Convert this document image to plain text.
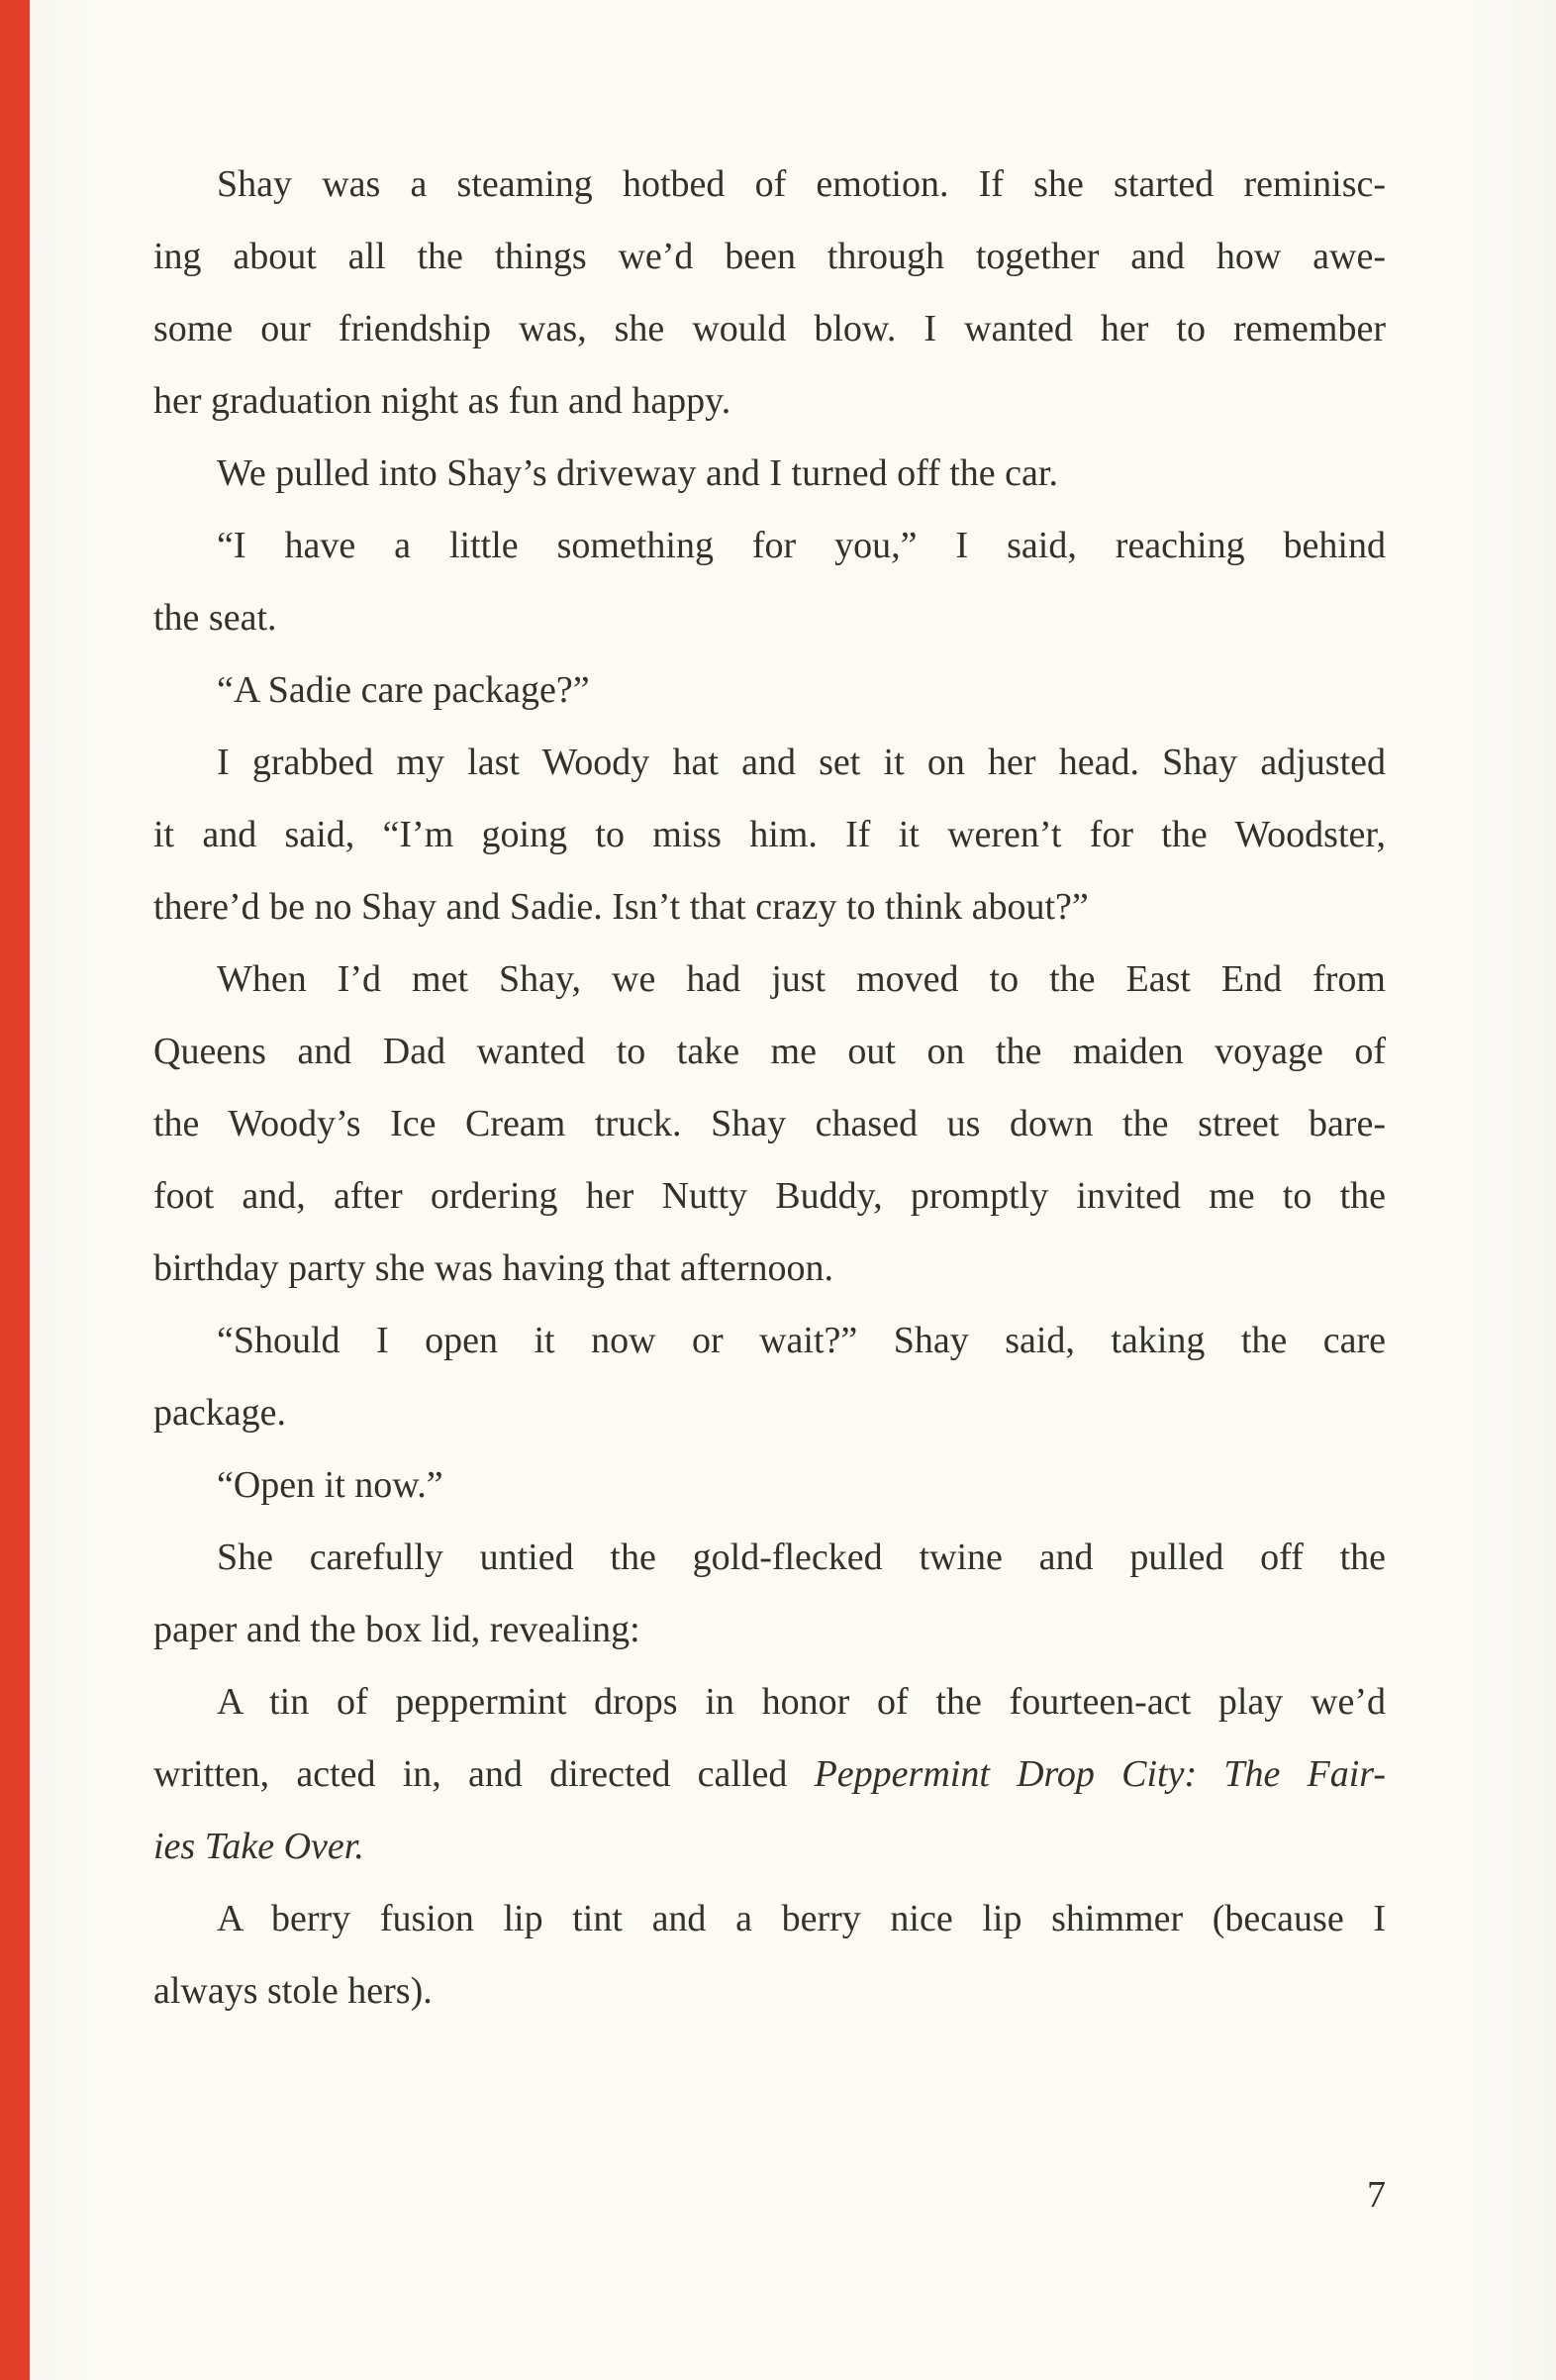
Shay was a steaming hotbed of emotion. If she started reminisc-
ing about all the things we’d been through together and how awe-
some our friendship was, she would blow. I wanted her to remember
her graduation night as fun and happy.
We pulled into Shay’s driveway and I turned off the car.
“I have a little something for you,” I said, reaching behind
the seat.
“A Sadie care package?”
I grabbed my last Woody hat and set it on her head. Shay adjusted
it and said, “I’m going to miss him. If it weren’t for the Woodster,
there’d be no Shay and Sadie. Isn’t that crazy to think about?”
When I’d met Shay, we had just moved to the East End from
Queens and Dad wanted to take me out on the maiden voyage of
the Woody’s Ice Cream truck. Shay chased us down the street bare-
foot and, after ordering her Nutty Buddy, promptly invited me to the
birthday party she was having that afternoon.
“Should I open it now or wait?” Shay said, taking the care
package.
“Open it now.”
She carefully untied the gold-flecked twine and pulled off the
paper and the box lid, revealing:
A tin of peppermint drops in honor of the fourteen-act play we’d
written, acted in, and directed called Peppermint Drop City: The Fair-
ies Take Over.
A berry fusion lip tint and a berry nice lip shimmer (because I
always stole hers).
7
